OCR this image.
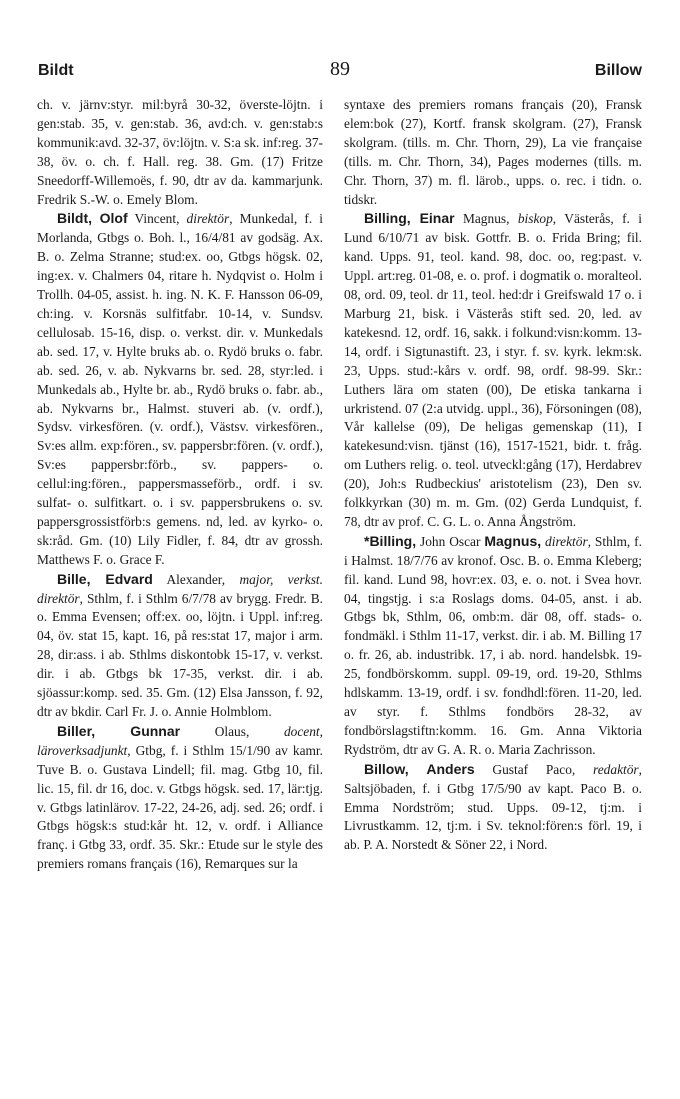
Bildt	89	Billow

ch. v. järnv:styr. mil:byrå 30-32, överste-löjtn. i gen:stab. 35, v. gen:stab. 36, avd:ch. v. gen:stab:s kommunik:avd. 32-37, öv:löjtn. v. S:a sk. inf:reg. 37-38, öv. o. ch. f. Hall. reg. 38. Gm. (17) Fritze Sneedorff-Willemoës, f. 90, dtr av da. kammarjunk. Fredrik S.-W. o. Emely Blom.

Bildt, Olof Vincent, direktör, Munkedal, f. i Morlanda, Gtbgs o. Boh. l., 16/4/81 av godsäg. Ax. B. o. Zelma Stranne; stud:ex. oo, Gtbgs högsk. 02, ing:ex. v. Chalmers 04, ritare h. Nydqvist o. Holm i Trollh. 04-05, assist. h. ing. N. K. F. Hansson 06-09, ch:ing. v. Korsnäs sulfitfabr. 10-14, v. Sundsv. cellulosab. 15-16, disp. o. verkst. dir. v. Munkedals ab. sed. 17, v. Hylte bruks ab. o. Rydö bruks o. fabr. ab. sed. 26, v. ab. Nykvarns br. sed. 28, styr:led. i Munkedals ab., Hylte br. ab., Rydö bruks o. fabr. ab., ab. Nykvarns br., Halmst. stuveri ab. (v. ordf.), Sydsv. virkesfören. (v. ordf.), Västsv. virkesfören., Sv:es allm. exp:fören., sv. pappersbr:fören. (v. ordf.), Sv:es pappersbr:förb., sv. pappers- o. cellul:ing:fören., pappersmasseförb., ordf. i sv. sulfat- o. sulfitkart. o. i sv. pappersbrukens o. sv. pappersgrossistförb:s gemens. nd, led. av kyrko- o. sk:råd. Gm. (10) Lily Fidler, f. 84, dtr av grossh. Matthews F. o. Grace F.

Bille, Edvard Alexander, major, verkst. direktör, Sthlm, f. i Sthlm 6/7/78 av brygg. Fredr. B. o. Emma Evensen; off:ex. oo, löjtn. i Uppl. inf:reg. 04, öv. stat 15, kapt. 16, på res:stat 17, major i arm. 28, dir:ass. i ab. Sthlms diskontobk 15-17, v. verkst. dir. i ab. Gtbgs bk 17-35, verkst. dir. i ab. sjöassur:komp. sed. 35. Gm. (12) Elsa Jansson, f. 92, dtr av bkdir. Carl Fr. J. o. Annie Holmblom.

Biller, Gunnar Olaus, docent, läroverksadjunkt, Gtbg, f. i Sthlm 15/1/90 av kamr. Tuve B. o. Gustava Lindell; fil. mag. Gtbg 10, fil. lic. 15, fil. dr 16, doc. v. Gtbgs högsk. sed. 17, lär:tjg. v. Gtbgs latinlärov. 17-22, 24-26, adj. sed. 26; ordf. i Gtbgs högsk:s stud:kår ht. 12, v. ordf. i Alliance franç. i Gtbg 33, ordf. 35. Skr.: Etude sur le style des premiers romans français (16), Remarques sur la

syntaxe des premiers romans français (20), Fransk elem:bok (27), Kortf. fransk skolgram. (27), Fransk skolgram. (tills. m. Chr. Thorn, 29), La vie française (tills. m. Chr. Thorn, 34), Pages modernes (tills. m. Chr. Thorn, 37) m. fl. lärob., upps. o. rec. i tidn. o. tidskr.

Billing, Einar Magnus, biskop, Västerås, f. i Lund 6/10/71 av bisk. Gottfr. B. o. Frida Bring; fil. kand. Upps. 91, teol. kand. 98, doc. oo, reg:past. v. Uppl. art:reg. 01-08, e. o. prof. i dogmatik o. moralteol. 08, ord. 09, teol. dr 11, teol. hed:dr i Greifswald 17 o. i Marburg 21, bisk. i Västerås stift sed. 20, led. av katekesnd. 12, ordf. 16, sakk. i folkund:visn:komm. 13-14, ordf. i Sigtunastift. 23, i styr. f. sv. kyrk. lekm:sk. 23, Upps. stud:-kårs v. ordf. 98, ordf. 98-99. Skr.: Luthers lära om staten (00), De etiska tankarna i urkristend. 07 (2:a utvidg. uppl., 36), Försoningen (08), Vår kallelse (09), De heligas gemenskap (11), I katekesund:visn. tjänst (16), 1517-1521, bidr. t. fråg. om Luthers relig. o. teol. utveckl:gång (17), Herdabrev (20), Joh:s Rudbeckius' aristotelism (23), Den sv. folkkyrkan (30) m. m. Gm. (02) Gerda Lundquist, f. 78, dtr av prof. C. G. L. o. Anna Ångström.

*Billing, John Oscar Magnus, direktör, Sthlm, f. i Halmst. 18/7/76 av kronof. Osc. B. o. Emma Kleberg; fil. kand. Lund 98, hovr:ex. 03, e. o. not. i Svea hovr. 04, tingstjg. i s:a Roslags doms. 04-05, anst. i ab. Gtbgs bk, Sthlm, 06, omb:m. där 08, off. stads- o. fondmäkl. i Sthlm 11-17, verkst. dir. i ab. M. Billing 17 o. fr. 26, ab. industribk. 17, i ab. nord. handelsbk. 19-25, fondbörskomm. suppl. 09-19, ord. 19-20, Sthlms hdlskamm. 13-19, ordf. i sv. fondhdl:fören. 11-20, led. av styr. f. Sthlms fondbörs 28-32, av fondbörslagstiftn:komm. 16. Gm. Anna Viktoria Rydström, dtr av G. A. R. o. Maria Zachrisson.

Billow, Anders Gustaf Paco, redaktör, Saltsjöbaden, f. i Gtbg 17/5/90 av kapt. Paco B. o. Emma Nordström; stud. Upps. 09-12, tj:m. i Livrustkamm. 12, tj:m. i Sv. teknol:fören:s förl. 19, i ab. P. A. Norstedt & Söner 22, i Nord.
